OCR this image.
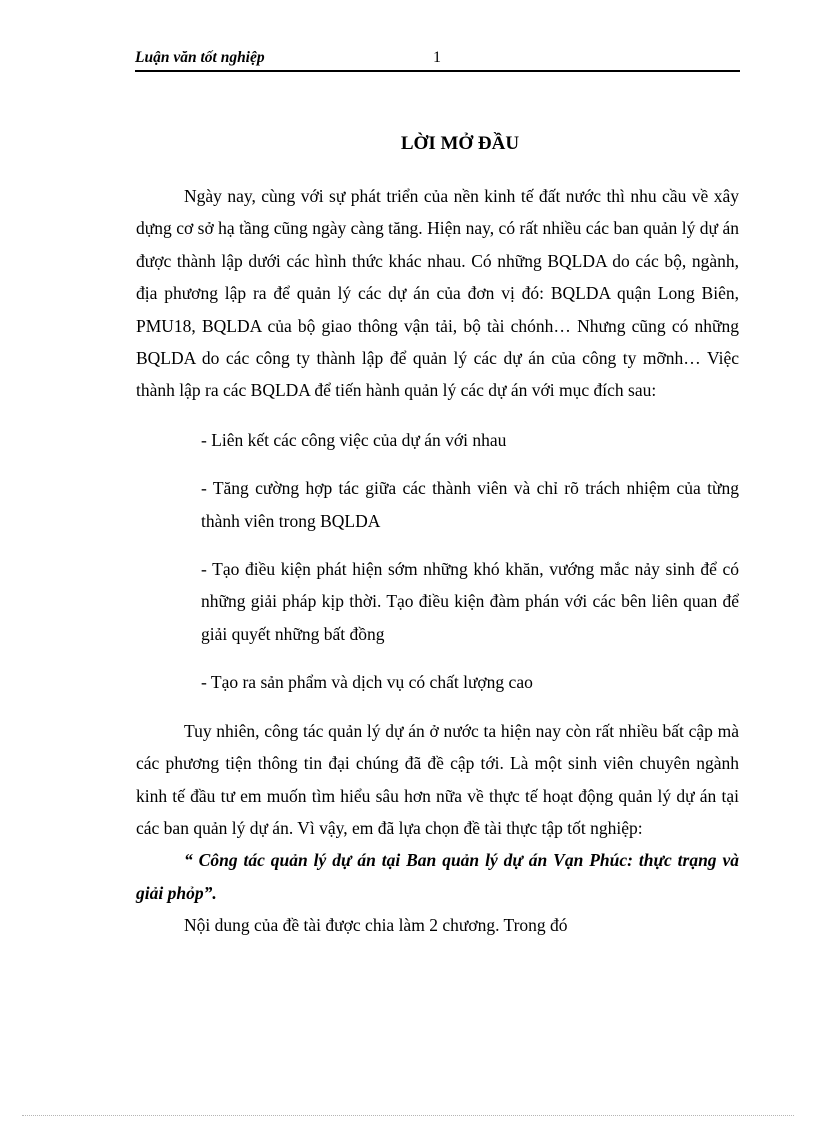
Luận văn tốt nghiệp	1
LỜI MỞ ĐẦU

Ngày nay, cùng với sự phát triển của nền kinh tế đất nước thì nhu cầu về xây dựng cơ sở hạ tầng cũng ngày càng tăng. Hiện nay, có rất nhiều các ban quản lý dự án được thành lập dưới các hình thức khác nhau. Có những BQLDA do các bộ, ngành, địa phương lập ra để quản lý các dự án của đơn vị đó: BQLDA quận Long Biên, PMU18, BQLDA của bộ giao thông vận tải, bộ tài chónh… Nhưng cũng có những BQLDA do các công ty thành lập để quản lý các dự án của công ty mỡnh… Việc thành lập ra các BQLDA để tiến hành quản lý các dự án với mục đích sau:

- Liên kết các công việc của dự án với nhau

- Tăng cường hợp tác giữa các thành viên và chỉ rõ trách nhiệm của từng thành viên trong BQLDA

- Tạo điều kiện phát hiện sớm những khó khăn, vướng mắc nảy sinh để có những giải pháp kịp thời. Tạo điều kiện đàm phán với các bên liên quan để giải quyết những bất đồng

- Tạo ra sản phẩm và dịch vụ có chất lượng cao

Tuy nhiên, công tác quản lý dự án ở nước ta hiện nay còn rất nhiều bất cập mà các phương tiện thông tin đại chúng đã đề cập tới. Là một sinh viên chuyên ngành kinh tế đầu tư em muốn tìm hiểu sâu hơn nữa về thực tế hoạt động quản lý dự án tại các ban quản lý dự án. Vì vậy, em đã lựa chọn đề tài thực tập tốt nghiệp:

“ Công tác quản lý dự án tại Ban quản lý dự án Vạn Phúc: thực trạng và giải phỏp”.

Nội dung của đề tài được chia làm 2 chương. Trong đó
